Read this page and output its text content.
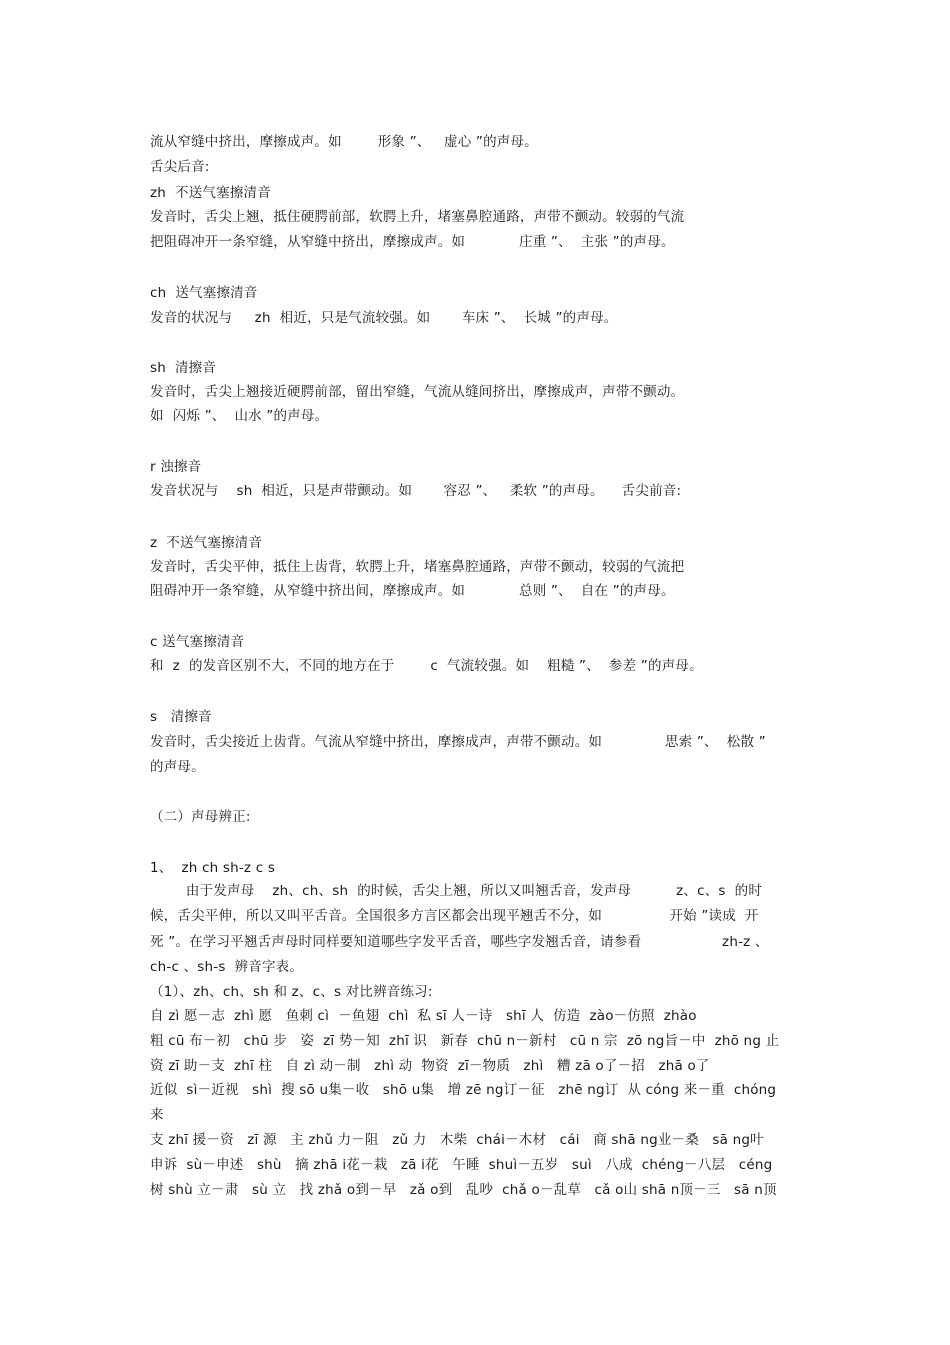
流从窄缝中挤出，摩擦成声。如        形象 ”、   虚心 ”的声母。
舌尖后音:
zh  不送气塞擦清音
发音时，舌尖上翘，抵住硬腭前部，软腭上升，堵塞鼻腔通路，声带不颤动。较弱的气流
把阻碍冲开一条窄缝，从窄缝中挤出，摩擦成声。如            庄重 ”、  主张 ”的声母。
ch  送气塞擦清音
发音的状况与     zh  相近，只是气流较强。如       车床 ”、  长城 ”的声母。
sh  清擦音
发音时，舌尖上翘接近硬腭前部，留出窄缝，气流从缝间挤出，摩擦成声，声带不颤动。
如  闪烁 ”、  山水 ”的声母。
r 浊擦音
发音状况与    sh  相近，只是声带颤动。如       容忍 ”、   柔软 ”的声母。    舌尖前音:
z  不送气塞擦清音
发音时，舌尖平伸，抵住上齿背，软腭上升，堵塞鼻腔通路，声带不颤动，较弱的气流把
阻碍冲开一条窄缝，从窄缝中挤出间，摩擦成声。如            总则 ”、  自在 ”的声母。
c 送气塞擦清音
和  z  的发音区别不大，不同的地方在于        c  气流较强。如    粗糙 ”、  参差 ”的声母。
s   清擦音
发音时，舌尖接近上齿背。气流从窄缝中挤出，摩擦成声，声带不颤动。如              思索 ”、  松散 ”
的声母。
（二）声母辨正:
1、  zh ch sh-z c s
由于发声母    zh、ch、sh  的时候，舌尖上翘，所以又叫翘舌音，发声母          z、c、s  的时
候，舌尖平伸，所以又叫平舌音。全国很多方言区都会出现平翘舌不分，如               开始 ”读成  开
死 ”。在学习平翘舌声母时同样要知道哪些字发平舌音，哪些字发翘舌音，请参看                  zh-z 、
ch-c 、sh-s  辨音字表。
（1）、zh、ch、sh 和 z、c、s 对比辨音练习:
自 zì 愿－志  zhì 愿   鱼刺 cì  －鱼翅  chì  私 sī 人－诗   shī 人  仿造  zào－仿照  zhào
粗 cū 布－初   chū 步   姿  zī 势－知  zhī 识   新春  chū n－新村   cū n 宗  zō ng旨－中  zhō ng 止
资 zī 助－支  zhī 柱   自 zì 动－制   zhì 动  物资  zī－物质   zhì   糟 zā o了－招   zhā o了
近似  sì－近视   shì  搜 sō u集－收   shō u集   增 zē ng订－征   zhē ng订  从 cóng 来－重  chóng
来
支 zhī 援－资   zī 源   主 zhǔ 力－阻   zǔ 力   木柴  chái－木材   cái   商 shā ng业－桑   sā ng叶
申诉  sù－申述   shù   摘 zhā i花－栽   zā i花   午睡  shuì－五岁   suì   八成  chéng－八层   céng
树 shù 立－肃   sù 立   找 zhǎ o到－早   zǎ o到   乱吵  chǎ o－乱草   cǎ o山 shā n顶－三   sā n顶
